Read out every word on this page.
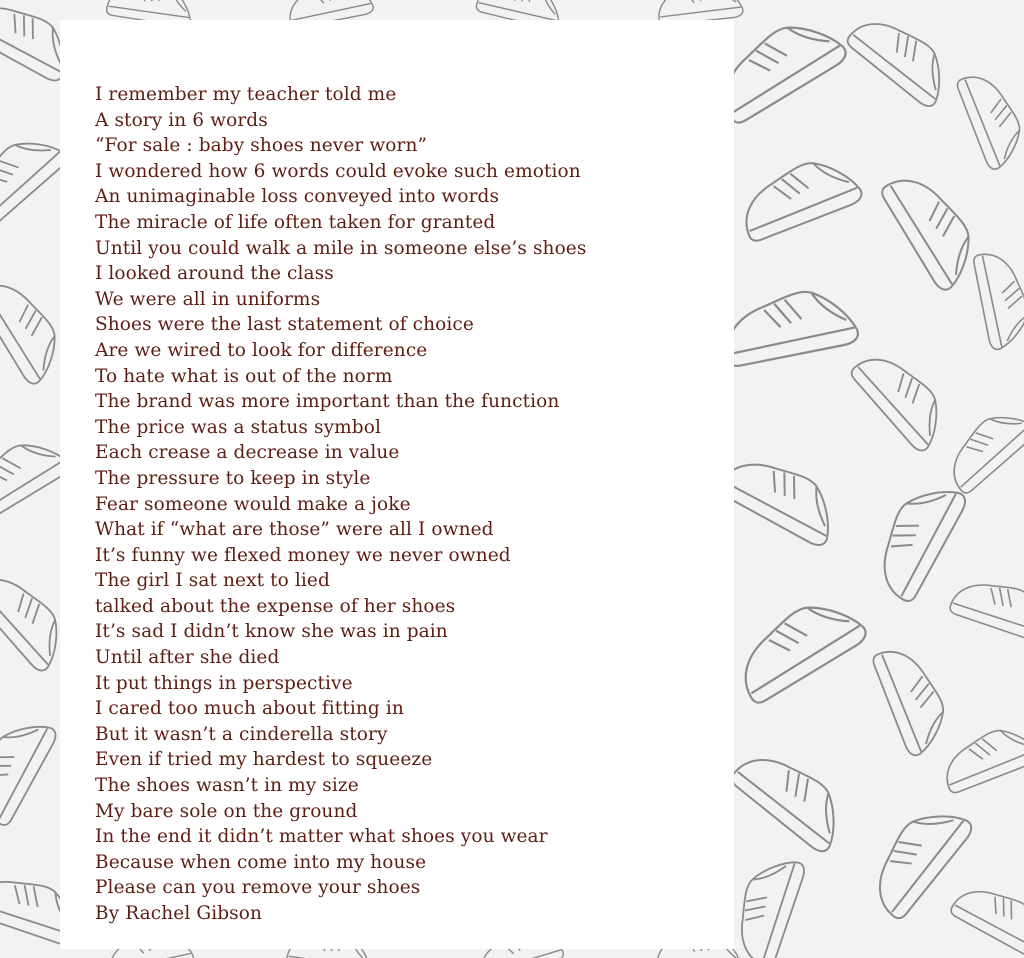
I remember my teacher told me
A story in 6 words
“For sale : baby shoes never worn”
I wondered how 6 words could evoke such emotion
An unimaginable loss conveyed into words
The miracle of life often taken for granted
Until you could walk a mile in someone else’s shoes
I looked around the class
We were all in uniforms
Shoes were the last statement of choice
Are we wired to look for difference
To hate what is out of the norm
The brand was more important than the function
The price was a status symbol
Each crease a decrease in value
The pressure to keep in style
Fear someone would make a joke
What if “what are those” were all I owned
It’s funny we flexed money we never owned
The girl I sat next to lied
talked about the expense of her shoes
It’s sad I didn’t know she was in pain
Until after she died
It put things in perspective
I cared too much about fitting in
But it wasn’t a cinderella story
Even if tried my hardest to squeeze
The shoes wasn’t in my size
My bare sole on the ground
In the end it didn’t matter what shoes you wear
Because when come into my house
Please can you remove your shoes
By Rachel Gibson
